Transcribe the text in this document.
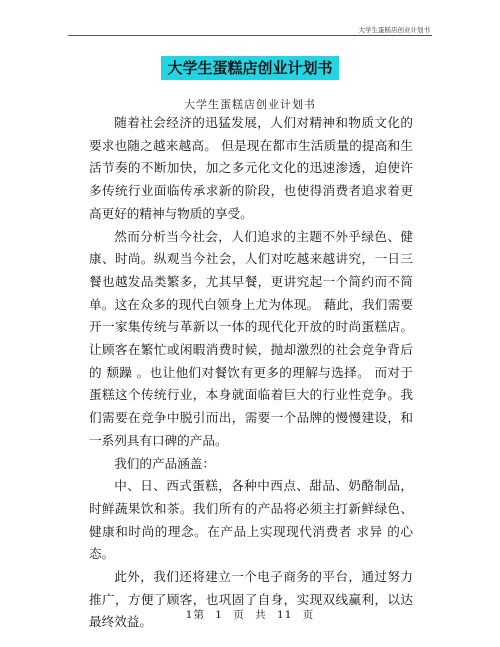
大学生蛋糕店创业计划书
大学生蛋糕店创业计划书
大学生蛋糕店创业计划书

随着社会经济的迅猛发展，人们对精神和物质文化的要求也随之越来越高。 但是现在都市生活质量的提高和生活节奏的不断加快，加之多元化文化的迅速渗透，迫使许多传统行业面临传承求新的阶段，也使得消费者追求着更高更好的精神与物质的享受。

然而分析当今社会，人们追求的主题不外乎绿色、健康、时尚。纵观当今社会，人们对吃越来越讲究，一日三餐也越发品类繁多，尤其早餐，更讲究起一个简约而不简单。这在众多的现代白领身上尤为体现。 藉此，我们需要开一家集传统与革新以一体的现代化开放的时尚蛋糕店。让顾客在繁忙或闲暇消费时候，抛却激烈的社会竞争背后的 颓躁 。也让他们对餐饮有更多的理解与选择。 而对于蛋糕这个传统行业，本身就面临着巨大的行业性竞争。我们需要在竞争中脱引而出，需要一个品牌的慢慢建设，和一系列具有口碑的产品。

我们的产品涵盖：

中、日、西式蛋糕，各种中西点、甜品、奶酪制品，时鲜蔬果饮和茶。我们所有的产品将必须主打新鲜绿色、健康和时尚的理念。在产品上实现现代消费者 求异 的心态。

此外，我们还将建立一个电子商务的平台，通过努力推广，方便了顾客，也巩固了自身，实现双线赢利，以达最终效益。	1第 1 页 共 11 页
